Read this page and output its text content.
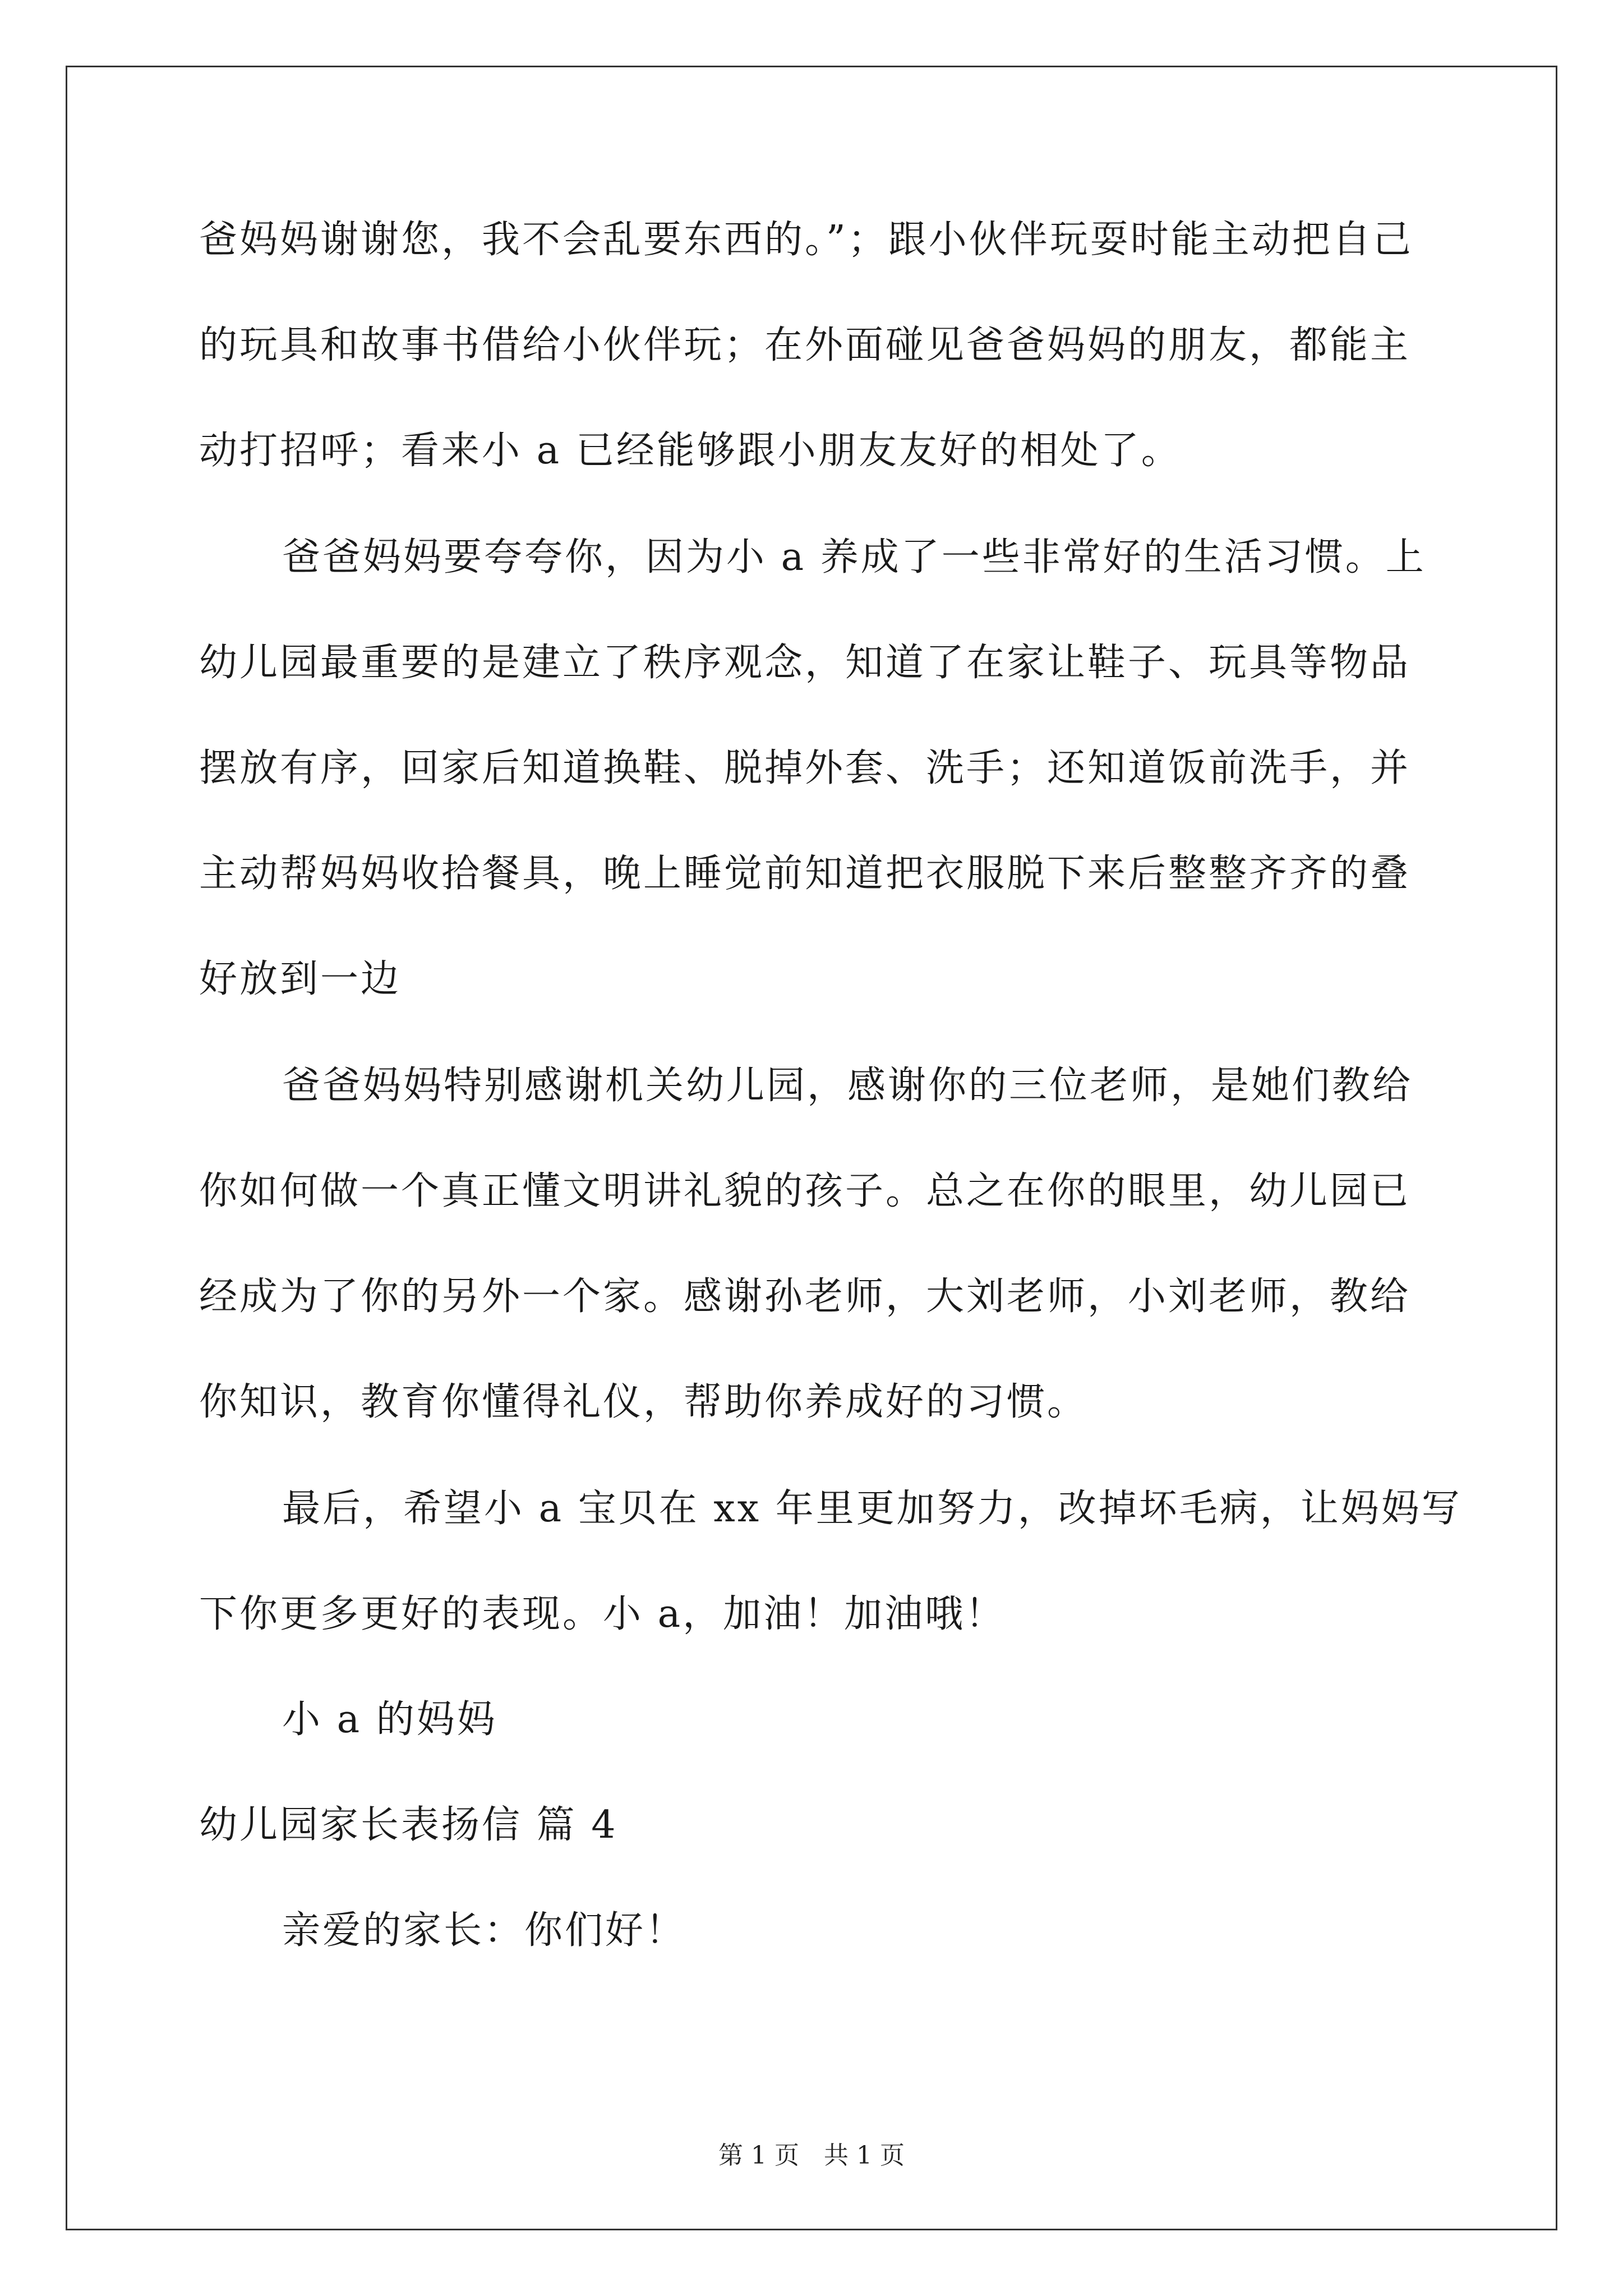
爸妈妈谢谢您，我不会乱要东西的。”；跟小伙伴玩耍时能主动把自己
的玩具和故事书借给小伙伴玩；在外面碰见爸爸妈妈的朋友，都能主
动打招呼；看来小 a 已经能够跟小朋友友好的相处了。
爸爸妈妈要夸夸你，因为小 a 养成了一些非常好的生活习惯。上
幼儿园最重要的是建立了秩序观念，知道了在家让鞋子、玩具等物品
摆放有序，回家后知道换鞋、脱掉外套、洗手；还知道饭前洗手，并
主动帮妈妈收拾餐具，晚上睡觉前知道把衣服脱下来后整整齐齐的叠
好放到一边
爸爸妈妈特别感谢机关幼儿园，感谢你的三位老师，是她们教给
你如何做一个真正懂文明讲礼貌的孩子。总之在你的眼里，幼儿园已
经成为了你的另外一个家。感谢孙老师，大刘老师，小刘老师，教给
你知识，教育你懂得礼仪，帮助你养成好的习惯。
最后，希望小 a 宝贝在 xx 年里更加努力，改掉坏毛病，让妈妈写
下你更多更好的表现。小 a，加油！加油哦！
小 a 的妈妈
幼儿园家长表扬信 篇 4
亲爱的家长：你们好！
第 1 页　共 1 页
